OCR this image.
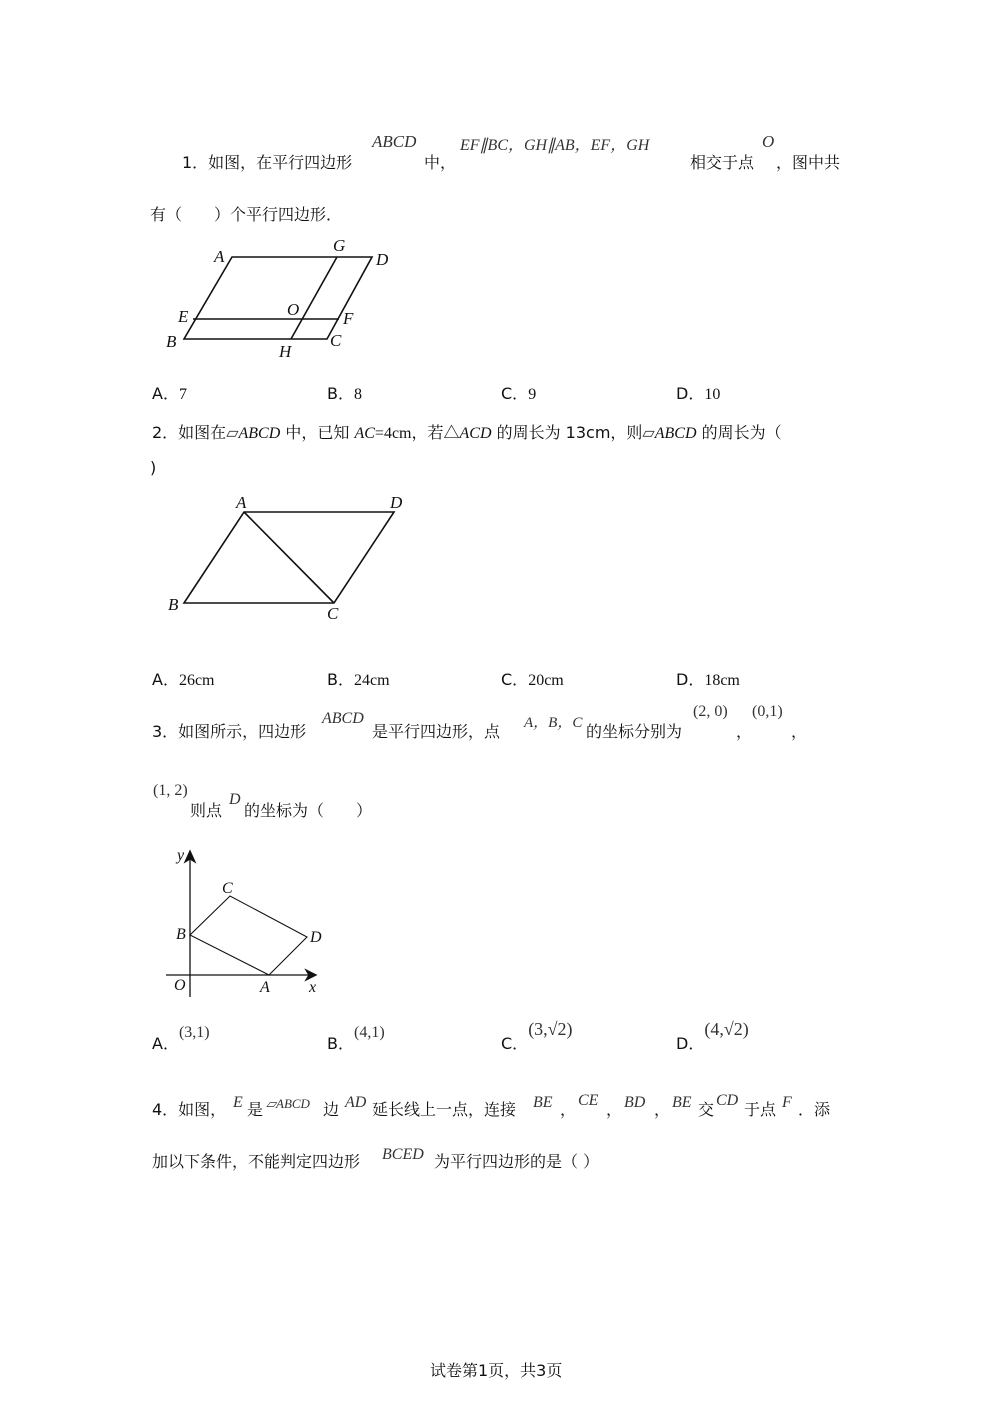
1．如图，在平行四边形
ABCD
中，
EF∥BC，GH∥AB，EF，GH
相交于点
O
，图中共
有（　　）个平行四边形．
A
G
D
E	O	F
B
H
C
A．7	B．8	C．9	D．10
2．如图在▱ABCD 中，已知 AC=4cm，若△ACD 的周长为 13cm，则▱ABCD 的周长为（
)
A	D
B	C
A．26cm	B．24cm	C．20cm	D．18cm
3．如图所示，四边形
ABCD
是平行四边形，点 A，B，C 的坐标分别为
(2, 0)
，
(0,1)
，
(1, 2)
则点
D
的坐标为（　　）
y
x
O	A
B
C
D
A．(3,1)
B．(4,1)
C．(3,√2)
D．(4,√2)
4．如图， E 是 ▱ABCD 边 AD 延长线上一点，连接 BE ， CE ， BD ， BE 交 CD 于点 F ．添
加以下条件，不能判定四边形 BCED 为平行四边形的是（ ）
试卷第1页，共3页
